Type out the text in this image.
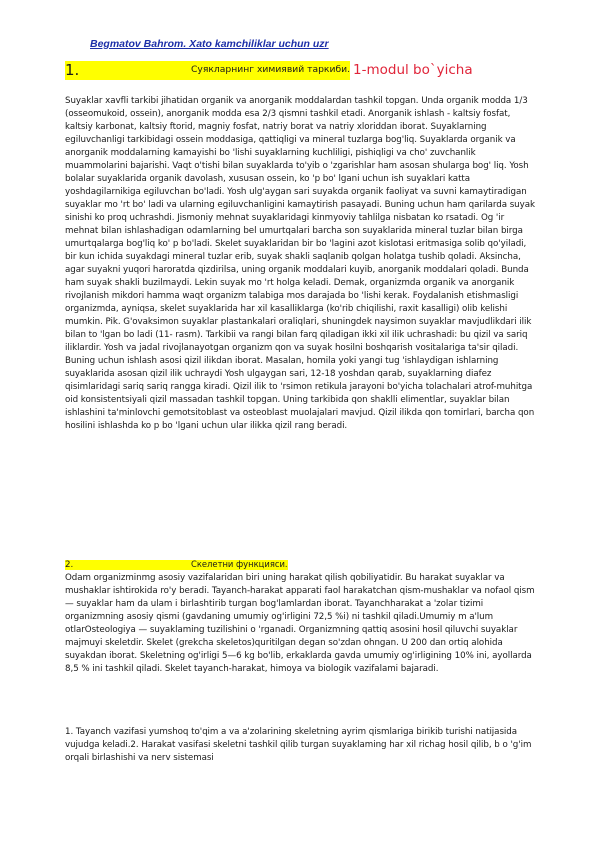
Begmatov Bahrom. Xato kamchiliklar uchun uzr
1.	Суякларнинг химиявий таркиби. 1-modul bo`yicha
Suyaklar xavfli tarkibi jihatidan organik va anorganik moddalardan tashkil topgan. Unda organik modda 1/3 (osseomukoid, ossein), anorganik modda esa 2/3 qismni tashkil etadi. Anorganik ishlash - kaltsiy fosfat, kaltsiy karbonat, kaltsiy ftorid, magniy fosfat, natriy borat va natriy xloriddan iborat. Suyaklarning egiluvchanligi tarkibidagi ossein moddasiga, qattiqligi va mineral tuzlarga bog'liq. Suyaklarda organik va anorganik moddalarning kamayishi bo 'lishi suyaklarning kuchliligi, pishiqligi va cho' zuvchanlik muammolarini bajarishi. Vaqt o'tishi bilan suyaklarda to'yib o 'zgarishlar ham asosan shularga bog' liq. Yosh bolalar suyaklarida organik davolash, xususan ossein, ko 'p bo' lgani uchun ish suyaklari katta yoshdagilarnikiga egiluvchan bo'ladi. Yosh ulg'aygan sari suyakda organik faoliyat va suvni kamaytiradigan suyaklar mo 'rt bo' ladi va ularning egiluvchanligini kamaytirish pasayadi. Buning uchun ham qarilarda suyak sinishi ko proq uchrashdi. Jismoniy mehnat suyaklaridagi kinmyoviy tahlilga nisbatan ko rsatadi. Og 'ir mehnat bilan ishlashadigan odamlarning bel umurtqalari barcha son suyaklarida mineral tuzlar bilan birga umurtqalarga bog'liq ko' p bo'ladi. Skelet suyaklaridan bir bo 'lagini azot kislotasi eritmasiga solib qo'yiladi, bir kun ichida suyakdagi mineral tuzlar erib, suyak shakli saqlanib qolgan holatga tushib qoladi. Aksincha, agar suyakni yuqori haroratda qizdirilsa, uning organik moddalari kuyib, anorganik moddalari qoladi. Bunda ham suyak shakli buzilmaydi. Lekin suyak mo 'rt holga keladi. Demak, organizmda organik va anorganik rivojlanish mikdori hamma waqt organizm talabiga mos darajada bo 'lishi kerak. Foydalanish etishmasligi organizmda, ayniqsa, skelet suyaklarida har xil kasalliklarga (ko'rib chiqilishi, raxit kasalligi) olib kelishi mumkin. Pik. G'ovaksimon suyaklar plastankalari oraliqlari, shuningdek naysimon suyaklar mavjudlikdari ilik bilan to 'lgan bo ladi (11- rasm). Tarkibii va rangi bilan farq qiladigan ikki xil ilik uchrashadi: bu qizil va sariq iliklardir. Yosh va jadal rivojlanayotgan organizm qon va suyak hosilni boshqarish vositalariga ta'sir qiladi. Buning uchun ishlash asosi qizil ilikdan iborat. Masalan, homila yoki yangi tug 'ishlaydigan ishlarning suyaklarida asosan qizil ilik uchraydi Yosh ulgaygan sari, 12-18 yoshdan qarab, suyaklarning diafez qisimlaridagi sariq sariq rangga kiradi. Qizil ilik to 'rsimon retikula jarayoni bo'yicha tolachalari atrof-muhitga oid konsistentsiyali qizil massadan tashkil topgan. Uning tarkibida qon shaklli elimentlar, suyaklar bilan ishlashini ta'minlovchi gemotsitoblast va osteoblast muolajalari mavjud. Qizil ilikda qon tomirlari, barcha qon hosilini ishlashda ko p bo 'lgani uchun ular ilikka qizil rang beradi.
2.	Скелетни функцияси.
Odam organizminmg asosiy vazifalaridan biri uning harakat qilish qobiliyatidir. Bu harakat suyaklar va mushaklar ishtirokida ro'y beradi. Tayanch-harakat apparati faol harakatchan qism-mushaklar va nofaol qism— suyaklar ham da ulam i birlashtirib turgan bog'lamlardan iborat. Tayanchharakat a 'zolar tizimi organizmning asosiy qismi (gavdaning umumiy og'irligini 72,5 %i) ni tashkil qiladi.Umumiy m a'lum otlarOsteologiya — suyaklaming tuzilishini o 'rganadi. Organizmning qattiq asosini hosil qiluvchi suyaklar majmuyi skeletdir. Skelet (grekcha skeletos)quritilgan degan so'zdan ohngan. U 200 dan ortiq alohida suyakdan iborat. Skeletning og'irligi 5—6 kg bo'lib, erkaklarda gavda umumiy og'irligining 10% ini, ayollarda 8,5 % ini tashkil qiladi. Skelet tayanch-harakat, himoya va biologik vazifalami bajaradi.
1. Tayanch vazifasi yumshoq to'qim a va a'zolarining skeletning ayrim qismlariga birikib turishi natijasida vujudga keladi.2. Harakat vasifasi skeletni tashkil qilib turgan suyaklaming har xil richag hosil qilib, b o 'g'im orqali birlashishi va nerv sistemasi
